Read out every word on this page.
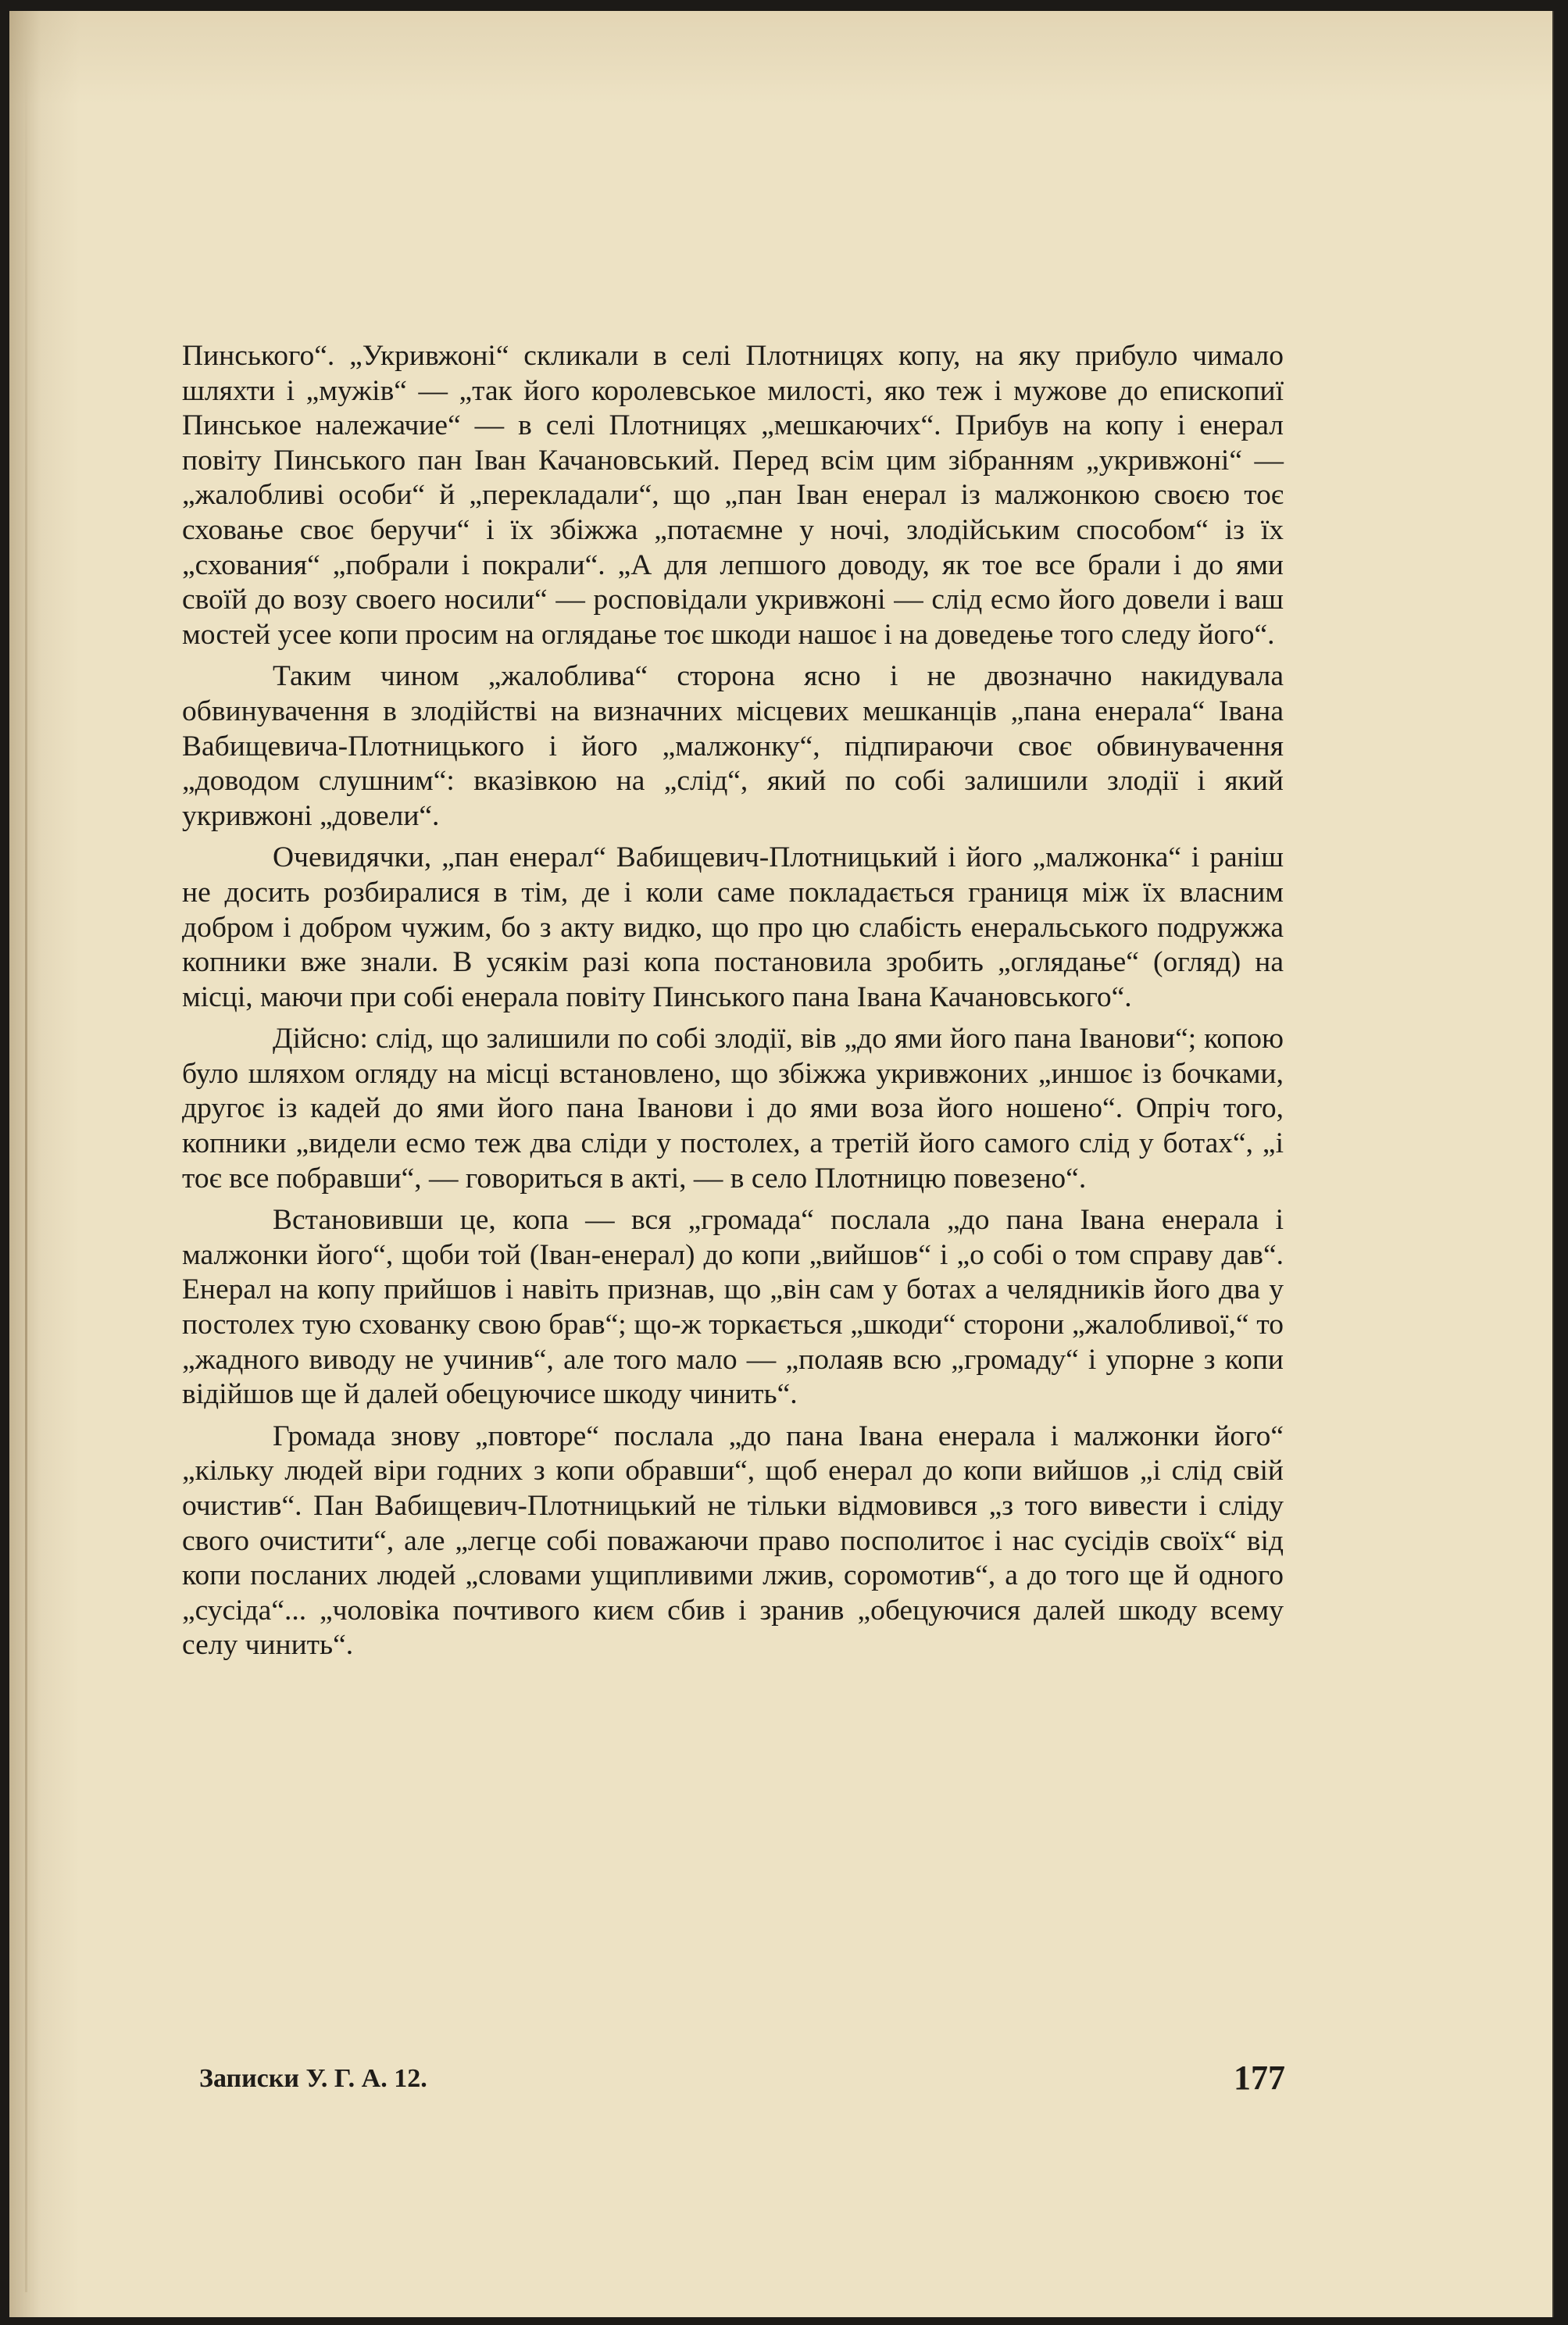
Пинського“. „Укривжоні“ скликали в селі Плотницях копу, на яку прибуло чимало шляхти і „мужів“ — „так його королевськое милості, яко теж і мужове до епископиї Пинськое належачие“ — в селі Плотницях „мешкаючих“. Прибув на копу і енерал повіту Пинського пан Іван Качановський. Перед всім цим зібранням „укривжоні“ — „жалобливі особи“ й „перекладали“, що „пан Іван енерал із малжонкою своєю тоє сховање своє беручи“ і їх збіжжа „потаємне у ночі, злодійським способом“ із їх „схования“ „побрали і покрали“. „А для лепшого доводу, як тое все брали і до ями своїй до возу своего носили“ — росповідали укривжоні — слід есмо його довели і ваш мостей усее копи просим на оглядање тоє шкоди нашоє і на доведење того следу його“.

Таким чином „жалоблива“ сторона ясно і не двозначно накидувала обвинувачення в злодійстві на визначних місцевих мешканців „пана енерала“ Івана Вабищевича-Плотницького і його „малжонку“, підпираючи своє обвинувачення „доводом слушним“: вказівкою на „слід“, який по собі залишили злодії і який укривжоні „довели“.

Очевидячки, „пан енерал“ Вабищевич-Плотницький і його „малжонка“ і раніш не досить розбиралися в тім, де і коли саме покладається границя між їх власним добром і добром чужим, бо з акту видко, що про цю слабість енеральського подружжа копники вже знали. В усякім разі копа постановила зробить „оглядање“ (огляд) на місці, маючи при собі енерала повіту Пинського пана Івана Качановського“.

Дійсно: слід, що залишили по собі злодії, вів „до ями його пана Іванови“; копою було шляхом огляду на місці встановлено, що збіжжа укривжоних „иншоє із бочками, другоє із кадей до ями його пана Іванови і до ями воза його ношено“. Опріч того, копники „видели есмо теж два сліди у постолех, а третій його самого слід у ботах“, „і тоє все побравши“, — говориться в акті, — в село Плотницю повезено“.

Встановивши це, копа — вся „громада“ послала „до пана Івана енерала і малжонки його“, щоби той (Іван-енерал) до копи „вийшов“ і „о собі о том справу дав“. Енерал на копу прийшов і навіть признав, що „він сам у ботах а челядників його два у постолех тую схованку свою брав“; що-ж торкається „шкоди“ сторони „жалобливої,“ то „жадного виводу не учинив“, але того мало — „полаяв всю „громаду“ і упорне з копи відійшов ще й далей обецуючисе шкоду чинить“.

Громада знову „повторе“ послала „до пана Івана енерала і малжонки його“ „кільку людей віри годних з копи обравши“, щоб енерал до копи вийшов „і слід свій очистив“. Пан Вабищевич-Плотницький не тільки відмовився „з того вивести і сліду свого очистити“, але „легце собі поважаючи право посполитоє і нас сусідів своїх“ від копи посланих людей „словами ущипливими лжив, соромотив“, а до того ще й одного „сусіда“... „чоловіка почтивого києм сбив і зранив „обецуючися далей шкоду всему селу чинить“.

Записки У. Г. А. 12.	177
